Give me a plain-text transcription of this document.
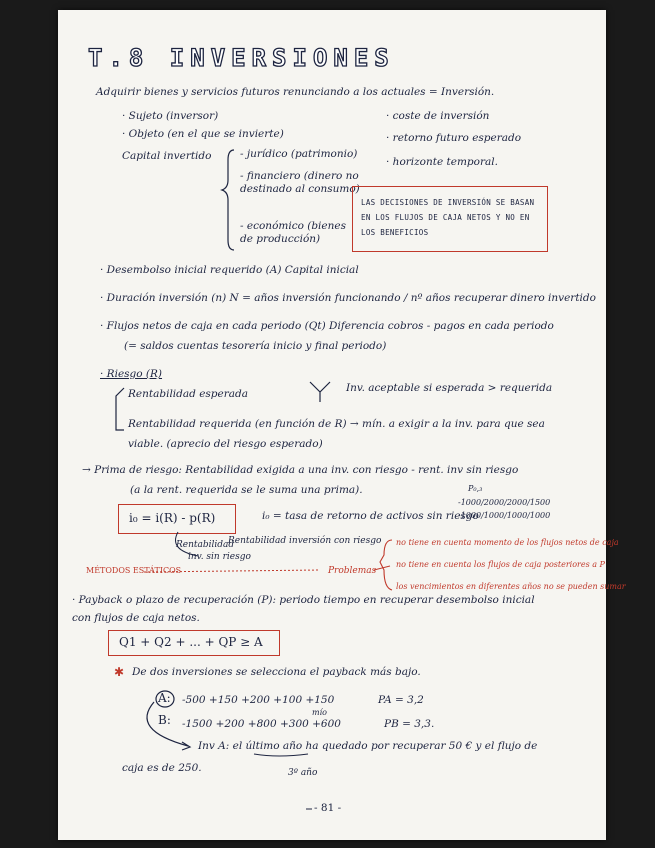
T.8 INVERSIONES
Adquirir bienes y servicios futuros renunciando a los actuales = Inversión.
· Sujeto (inversor)
· Objeto (en el que se invierte)
Capital invertido
· coste de inversión
· retorno futuro esperado
· horizonte temporal.
- jurídico (patrimonio)
- financiero (dinero no destinado al consumo)
- económico (bienes de producción)
LAS DECISIONES DE INVERSIÓN SE BASAN EN LOS FLUJOS DE CAJA NETOS Y NO EN LOS BENEFICIOS
· Desembolso inicial requerido (A) Capital inicial
· Duración inversión (n) N = años inversión funcionando / nº años recuperar dinero invertido
· Flujos netos de caja en cada periodo (Qt) Diferencia cobros - pagos en cada periodo
(= saldos cuentas tesorería inicio y final periodo)
· Riesgo (R)
Rentabilidad esperada	Inv. aceptable si esperada > requerida
Rentabilidad requerida (en función de R) → mín. a exigir a la inv. para que sea viable. (aprecio del riesgo esperado)
→ Prima de riesgo: Rentabilidad exigida a una inv. con riesgo - rent. inv sin riesgo
(a la rent. requerida se le suma una prima).	P₀,₃
-1000/2000/2000/1500 -1000/1000/1000/1000
i₀ = i(R) - p(R)	i₀ = tasa de retorno de activos sin riesgo
Rentabilidad
Rentabilidad inversión con riesgo
inv. sin riesgo
MÉTODOS ESTÁTICOS	Problemas
no tiene en cuenta momento de los flujos netos de caja
no tiene en cuenta los flujos de caja posteriores a P
los vencimientos en diferentes años no se pueden sumar
· Payback o plazo de recuperación (P): periodo tiempo en recuperar desembolso inicial
con flujos de caja netos.
Q1 + Q2 + ... + QP ≥ A
✱ De dos inversiones se selecciona el payback más bajo.
A: -500 +150 +200 +100 +150	PA = 3,2
mío
B: -1500 +200 +800 +300 +600	PB = 3,3.
Inv A: el último año ha quedado por recuperar 50 € y el flujo de
caja es de 250.	3º año
- 81 -
